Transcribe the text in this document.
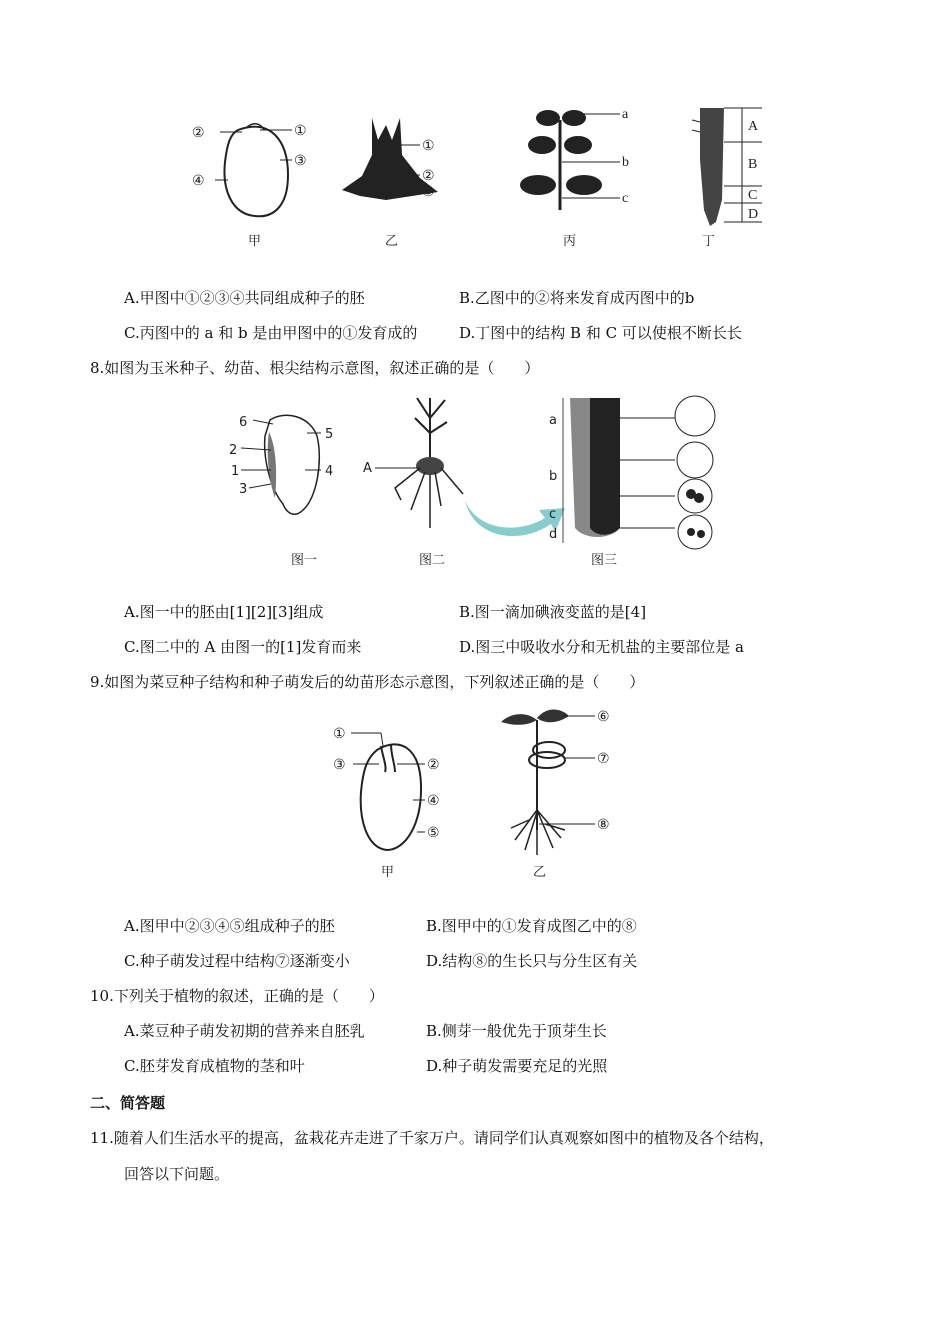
②	①
④
③
甲
①
②
③
乙
a
b
c
丙
A
B
C
D
丁
A.甲图中①②③④共同组成种子的胚	B.乙图中的②将来发育成丙图中的b
C.丙图中的 a 和 b 是由甲图中的①发育成的	D.丁图中的结构 B 和 C 可以使根不断长长
8.如图为玉米种子、幼苗、根尖结构示意图，叙述正确的是（　　）
6
5
2
1	4
3
图一
A
图二
a
b
c
d
图三
A.图一中的胚由[1][2][3]组成	B.图一滴加碘液变蓝的是[4]
C.图二中的 A 由图一的[1]发育而来	D.图三中吸收水分和无机盐的主要部位是 a
9.如图为菜豆种子结构和种子萌发后的幼苗形态示意图，下列叙述正确的是（　　）
①
③	②
④
⑤
甲
⑥
⑦
⑧
乙
A.图甲中②③④⑤组成种子的胚	B.图甲中的①发育成图乙中的⑧
C.种子萌发过程中结构⑦逐渐变小	D.结构⑧的生长只与分生区有关
10.下列关于植物的叙述，正确的是（　　）
A.菜豆种子萌发初期的营养来自胚乳	B.侧芽一般优先于顶芽生长
C.胚芽发育成植物的茎和叶	D.种子萌发需要充足的光照
二、简答题
11.随着人们生活水平的提高，盆栽花卉走进了千家万户。请同学们认真观察如图中的植物及各个结构，
回答以下问题。
